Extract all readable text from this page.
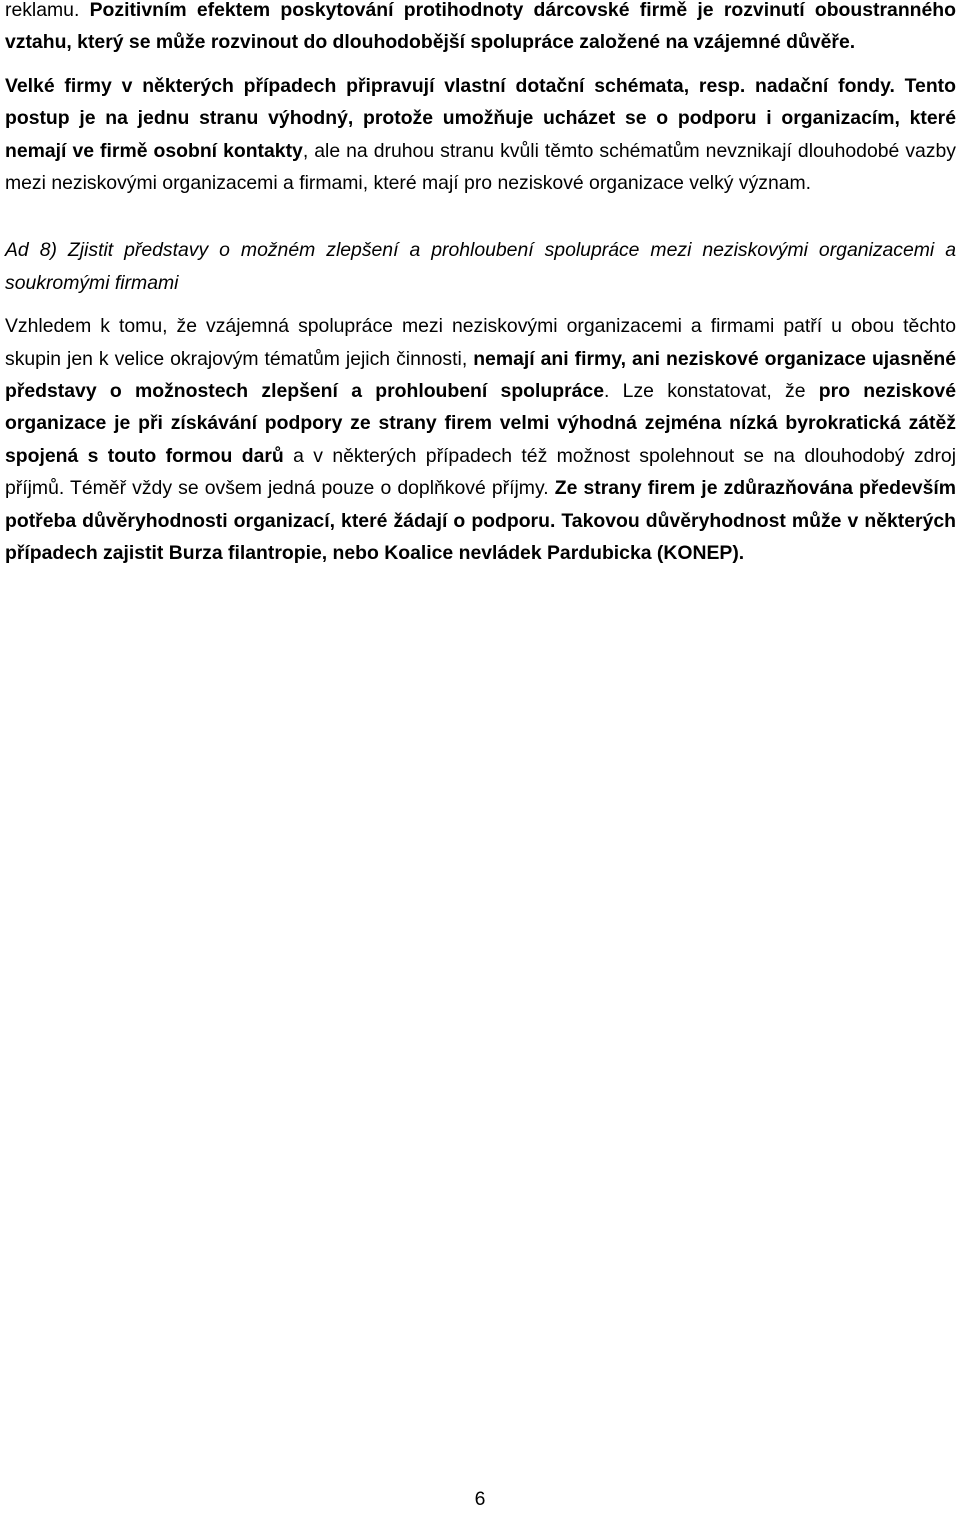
reklamu. Pozitivním efektem poskytování protihodnoty dárcovské firmě je rozvinutí oboustranného vztahu, který se může rozvinout do dlouhodobější spolupráce založené na vzájemné důvěře.

Velké firmy v některých případech připravují vlastní dotační schémata, resp. nadační fondy. Tento postup je na jednu stranu výhodný, protože umožňuje ucházet se o podporu i organizacím, které nemají ve firmě osobní kontakty, ale na druhou stranu kvůli těmto schématům nevznikají dlouhodobé vazby mezi neziskovými organizacemi a firmami, které mají pro neziskové organizace velký význam.

Ad 8) Zjistit představy o možném zlepšení a prohloubení spolupráce mezi neziskovými organizacemi a soukromými firmami

Vzhledem k tomu, že vzájemná spolupráce mezi neziskovými organizacemi a firmami patří u obou těchto skupin jen k velice okrajovým tématům jejich činnosti, nemají ani firmy, ani neziskové organizace ujasněné představy o možnostech zlepšení a prohloubení spolupráce. Lze konstatovat, že pro neziskové organizace je při získávání podpory ze strany firem velmi výhodná zejména nízká byrokratická zátěž spojená s touto formou darů a v některých případech též možnost spolehnout se na dlouhodobý zdroj příjmů. Téměř vždy se ovšem jedná pouze o doplňkové příjmy. Ze strany firem je zdůrazňována především potřeba důvěryhodnosti organizací, které žádají o podporu. Takovou důvěryhodnost může v některých případech zajistit Burza filantropie, nebo Koalice nevládek Pardubicka (KONEP).

6
